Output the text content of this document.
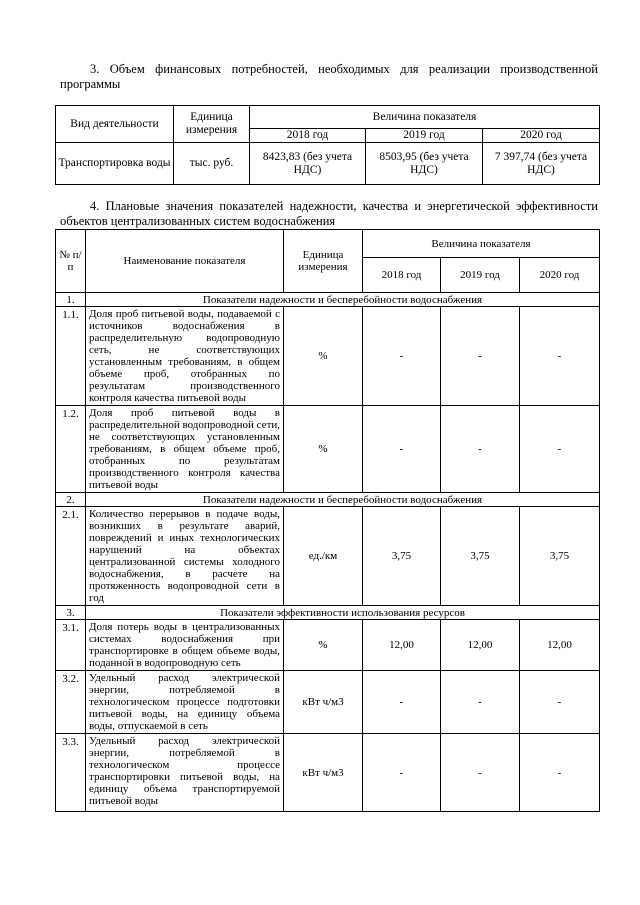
3. Объем финансовых потребностей, необходимых для реализации производственной
программы
Вид деятельности	Единица измерения	Величина показателя		
		2018 год	2019 год	2020 год
Транспортировка воды	тыс. руб.	8423,83 (без учета НДС)	8503,95 (без учета НДС)	7 397,74 (без учета НДС)
4. Плановые значения показателей надежности, качества и энергетической эффективности
объектов централизованных систем водоснабжения
№ п/п	Наименование показателя	Единица измерения	Величина показателя		
			2018 год	2019 год	2020 год
1.	Показатели надежности и бесперебойности водоснабжения				
1.1.	Доля проб питьевой воды, подаваемой с источников водоснабжения в распределительную водопроводную сеть, не соответствующих установленным требованиям, в общем объеме проб, отобранных по результатам производственного контроля качества питьевой воды	%	-	-	-
1.2.	Доля проб питьевой воды в распределительной водопроводной сети, не соответствующих установленным требованиям, в общем объеме проб, отобранных по результатам производственного контроля качества питьевой воды	%	-	-	-
2.	Показатели надежности и бесперебойности водоснабжения				
2.1.	Количество перерывов в подаче воды, возникших в результате аварий, повреждений и иных технологических нарушений на объектах централизованной системы холодного водоснабжения, в расчете на протяженность водопроводной сети в год	ед./км	3,75	3,75	3,75
3.	Показатели эффективности использования ресурсов				
3.1.	Доля потерь воды в централизованных системах водоснабжения при транспортировке в общем объеме воды, поданной в водопроводную сеть	%	12,00	12,00	12,00
3.2.	Удельный расход электрической энергии, потребляемой в технологическом процессе подготовки питьевой воды, на единицу объема воды, отпускаемой в сеть	кВт ч/м3	-	-	-
3.3.	Удельный расход электрической энергии, потребляемой в технологическом процессе транспортировки питьевой воды, на единицу объема транспортируемой питьевой воды	кВт ч/м3	-	-	-
